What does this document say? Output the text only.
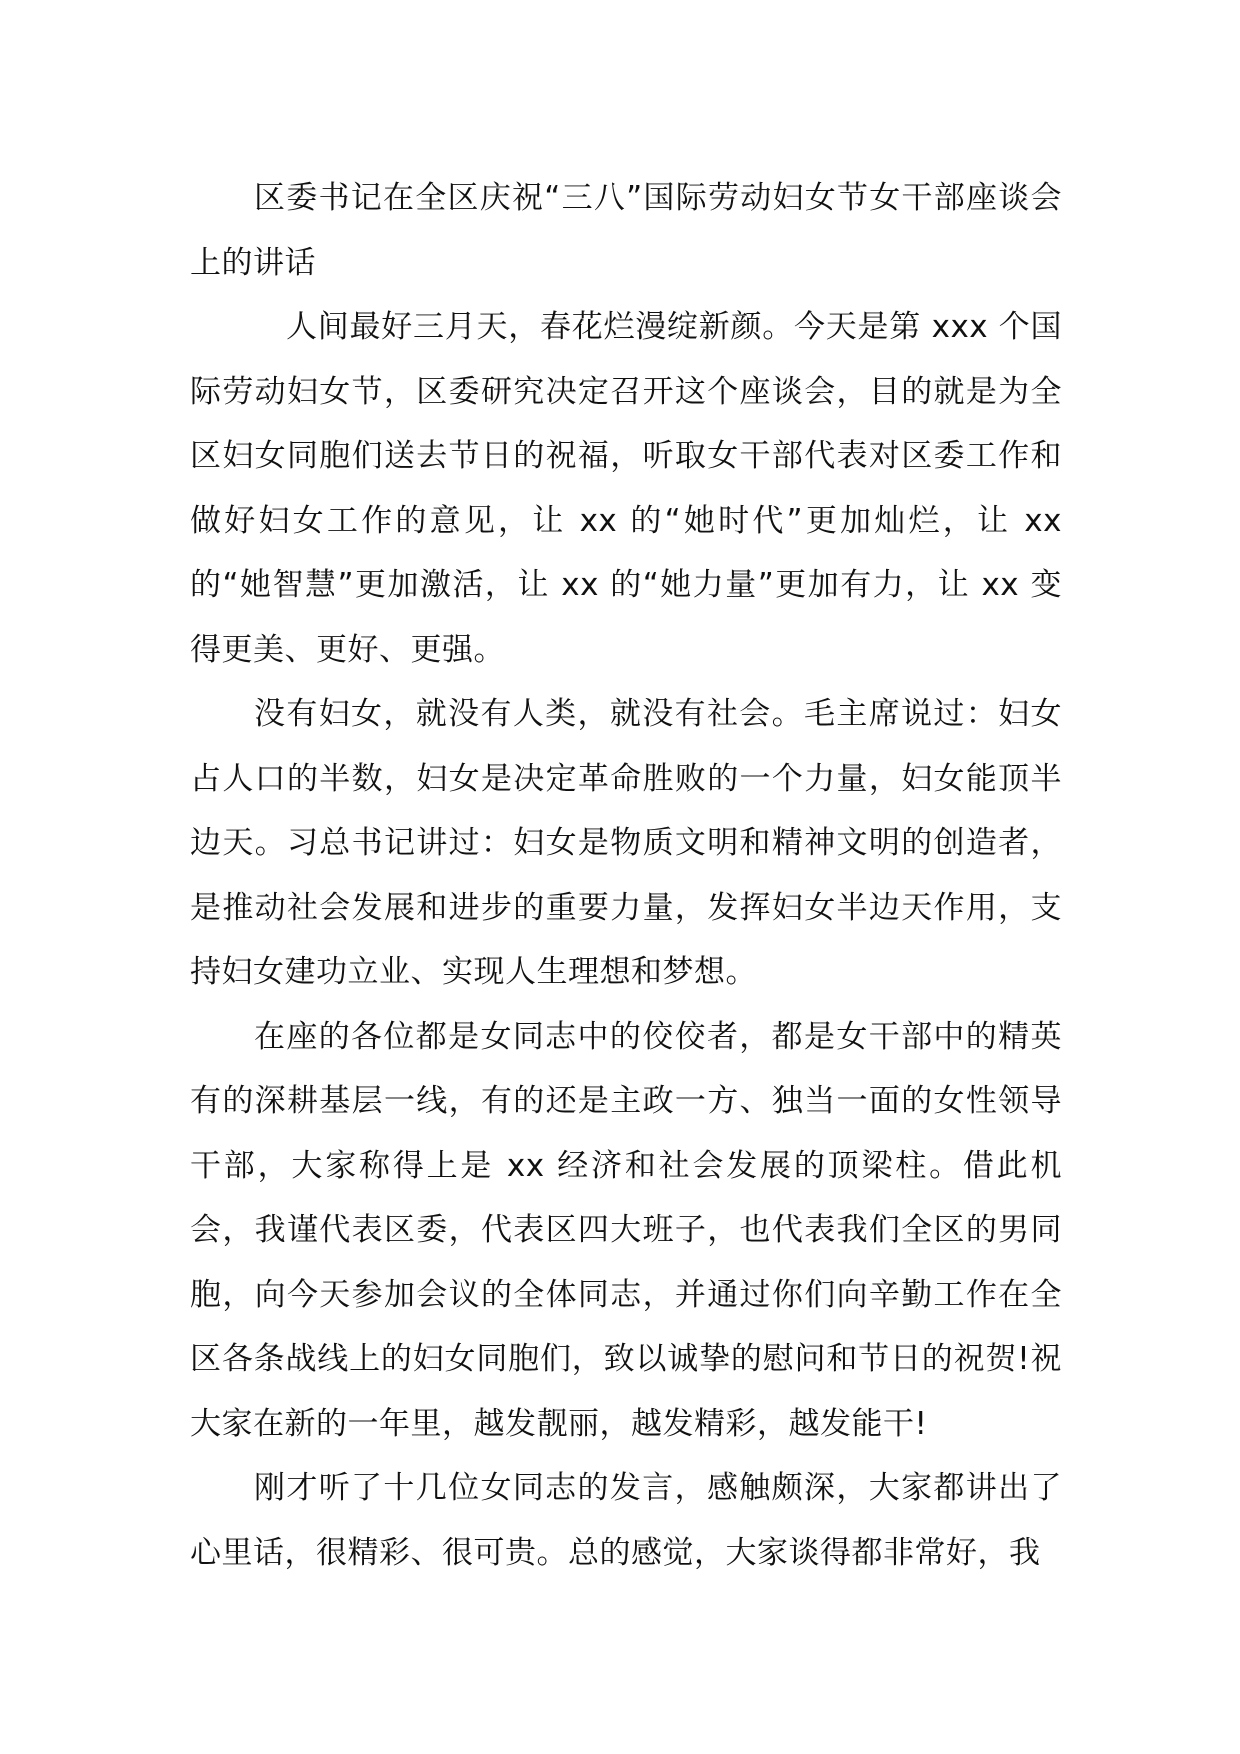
区委书记在全区庆祝“三八”国际劳动妇女节女干部座谈会上的讲话

人间最好三月天，春花烂漫绽新颜。今天是第 xxx 个国际劳动妇女节，区委研究决定召开这个座谈会，目的就是为全区妇女同胞们送去节日的祝福，听取女干部代表对区委工作和做好妇女工作的意见，让 xx 的“她时代”更加灿烂，让 xx 的“她智慧”更加激活，让 xx 的“她力量”更加有力，让 xx 变得更美、更好、更强。

没有妇女，就没有人类，就没有社会。毛主席说过：妇女占人口的半数，妇女是决定革命胜败的一个力量，妇女能顶半边天。习总书记讲过：妇女是物质文明和精神文明的创造者，是推动社会发展和进步的重要力量，发挥妇女半边天作用，支持妇女建功立业、实现人生理想和梦想。

在座的各位都是女同志中的佼佼者，都是女干部中的精英有的深耕基层一线，有的还是主政一方、独当一面的女性领导干部，大家称得上是 xx 经济和社会发展的顶梁柱。借此机会，我谨代表区委，代表区四大班子，也代表我们全区的男同胞，向今天参加会议的全体同志，并通过你们向辛勤工作在全区各条战线上的妇女同胞们，致以诚挚的慰问和节日的祝贺!祝大家在新的一年里，越发靓丽，越发精彩，越发能干!

刚才听了十几位女同志的发言，感触颇深，大家都讲出了心里话，很精彩、很可贵。总的感觉，大家谈得都非常好，我
